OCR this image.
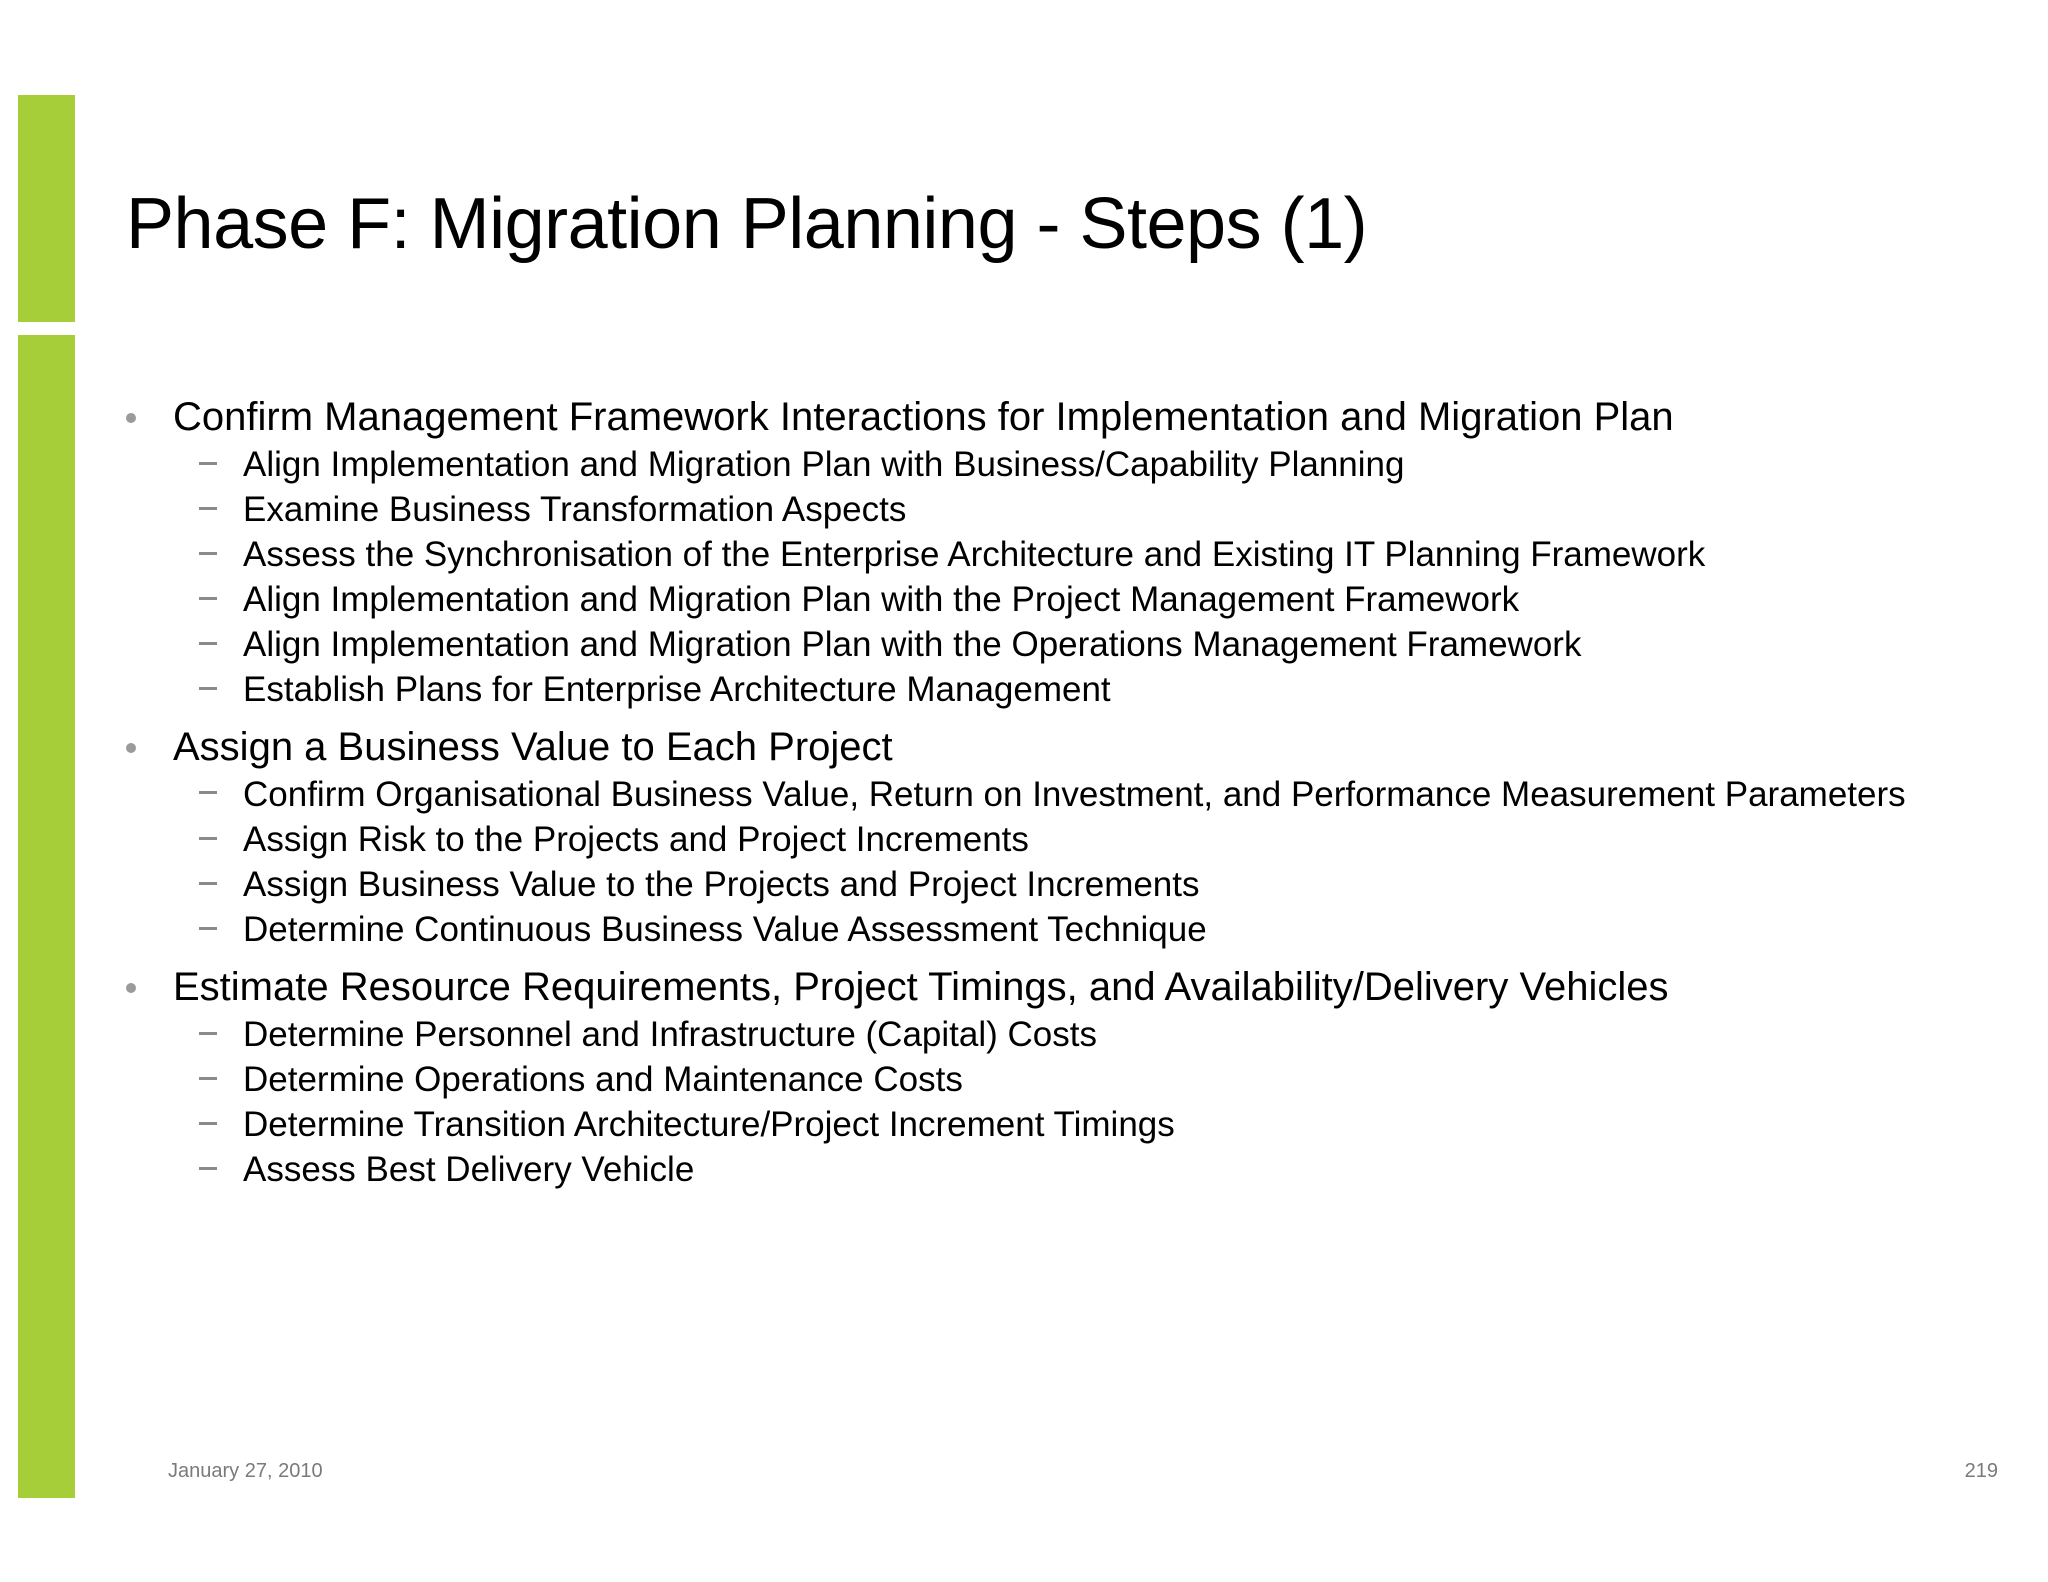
Phase F: Migration Planning - Steps (1)
Confirm Management Framework Interactions for Implementation and Migration Plan
Align Implementation and Migration Plan with Business/Capability Planning
Examine Business Transformation Aspects
Assess the Synchronisation of the Enterprise Architecture and Existing IT Planning Framework
Align Implementation and Migration Plan with the Project Management Framework
Align Implementation and Migration Plan with the Operations Management Framework
Establish Plans for Enterprise Architecture Management
Assign a Business Value to Each Project
Confirm Organisational Business Value, Return on Investment, and Performance Measurement Parameters
Assign Risk to the Projects and Project Increments
Assign Business Value to the Projects and Project Increments
Determine Continuous Business Value Assessment Technique
Estimate Resource Requirements, Project Timings, and Availability/Delivery Vehicles
Determine Personnel and Infrastructure (Capital) Costs
Determine Operations and Maintenance Costs
Determine Transition Architecture/Project Increment Timings
Assess Best Delivery Vehicle
January 27, 2010	219
